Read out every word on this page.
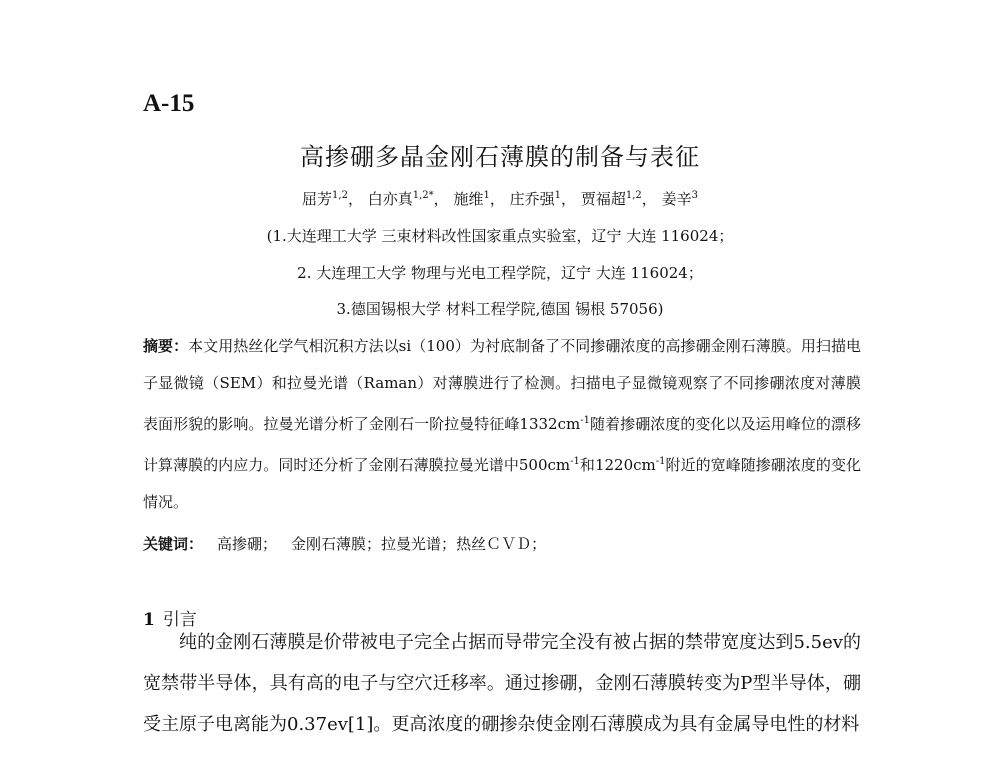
A-15
高掺硼多晶金刚石薄膜的制备与表征
屈芳$^{1,2}$， 白亦真$^{1,2*}$， 施维$^1$， 庄乔强$^1$， 贾福超$^{1,2}$， 姜辛$^3$
(1.大连理工大学 三束材料改性国家重点实验室，辽宁 大连 116024；
2. 大连理工大学 物理与光电工程学院，辽宁 大连 116024；
3.德国锡根大学 材料工程学院,德国 锡根 57056)
摘要：本文用热丝化学气相沉积方法以si（100）为衬底制备了不同掺硼浓度的高掺硼金刚石薄膜。用扫描电子显微镜（SEM）和拉曼光谱（Raman）对薄膜进行了检测。扫描电子显微镜观察了不同掺硼浓度对薄膜表面形貌的影响。拉曼光谱分析了金刚石一阶拉曼特征峰$1332cm^{-1}$随着掺硼浓度的变化以及运用峰位的漂移计算薄膜的内应力。同时还分析了金刚石薄膜拉曼光谱中$500cm^{-1}$和$1220cm^{-1}$附近的宽峰随掺硼浓度的变化情况。
关键词： 高掺硼； 金刚石薄膜；拉曼光谱；热丝ＣＶＤ；
1 引言
纯的金刚石薄膜是价带被电子完全占据而导带完全没有被占据的禁带宽度达到5.5ev的宽禁带半导体，具有高的电子与空穴迁移率。通过掺硼，金刚石薄膜转变为P型半导体，硼受主原子电离能为0.37ev[1]。更高浓度的硼掺杂使金刚石薄膜成为具有金属导电性的材料
